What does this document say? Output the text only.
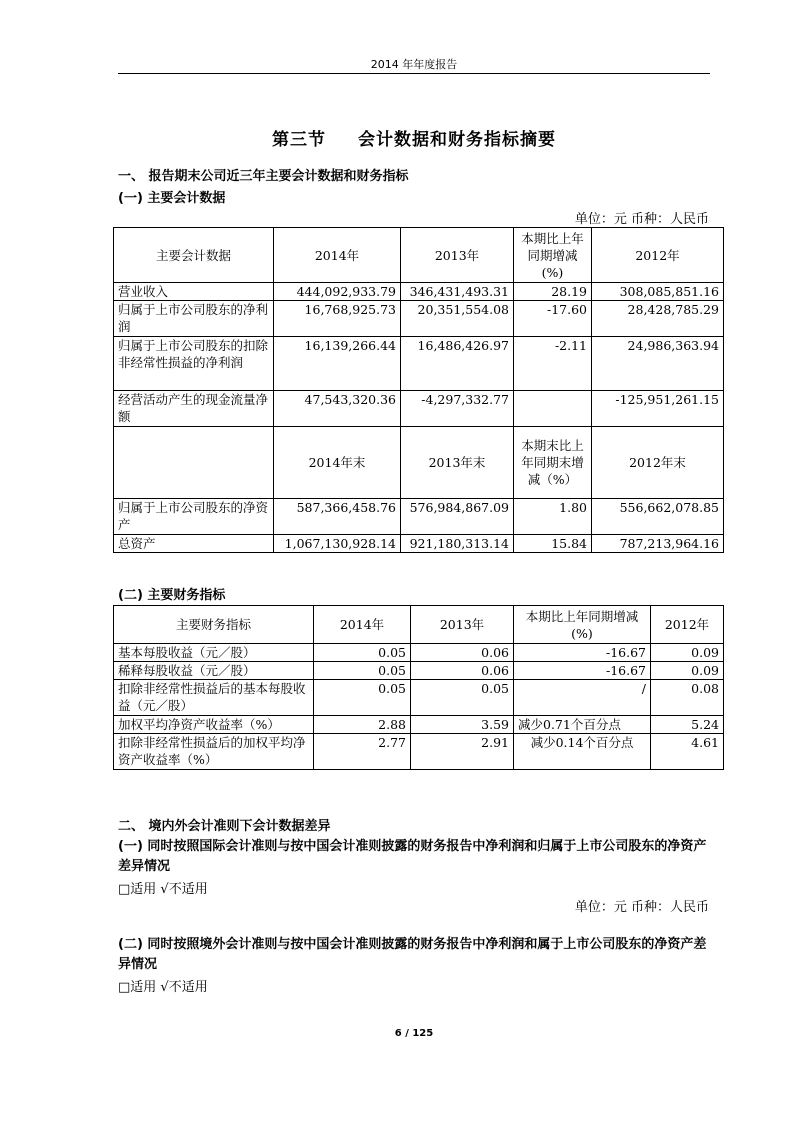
2014 年年度报告
第三节 会计数据和财务指标摘要
一、 报告期末公司近三年主要会计数据和财务指标
(一) 主要会计数据
单位：元 币种：人民币
主要会计数据	2014年	2013年	本期比上年同期增减(%)	2012年
营业收入	444,092,933.79	346,431,493.31	28.19	308,085,851.16
归属于上市公司股东的净利润	16,768,925.73	20,351,554.08	-17.60	28,428,785.29
归属于上市公司股东的扣除非经常性损益的净利润	16,139,266.44	16,486,426.97	-2.11	24,986,363.94
经营活动产生的现金流量净额	47,543,320.36	-4,297,332.77		-125,951,261.15
	2014年末	2013年末	本期末比上年同期末增减（%）	2012年末
归属于上市公司股东的净资产	587,366,458.76	576,984,867.09	1.80	556,662,078.85
总资产	1,067,130,928.14	921,180,313.14	15.84	787,213,964.16
(二) 主要财务指标
主要财务指标	2014年	2013年	本期比上年同期增减(%)	2012年
基本每股收益（元／股）	0.05	0.06	-16.67	0.09
稀释每股收益（元／股）	0.05	0.06	-16.67	0.09
扣除非经常性损益后的基本每股收益（元／股）	0.05	0.05	/	0.08
加权平均净资产收益率（%）	2.88	3.59	减少0.71个百分点	5.24
扣除非经常性损益后的加权平均净资产收益率（%）	2.77	2.91	减少0.14个百分点	4.61
二、 境内外会计准则下会计数据差异
(一) 同时按照国际会计准则与按中国会计准则披露的财务报告中净利润和归属于上市公司股东的净资产差异情况
□适用 √不适用
单位：元 币种：人民币
(二) 同时按照境外会计准则与按中国会计准则披露的财务报告中净利润和属于上市公司股东的净资产差异情况
□适用 √不适用
6 / 125
